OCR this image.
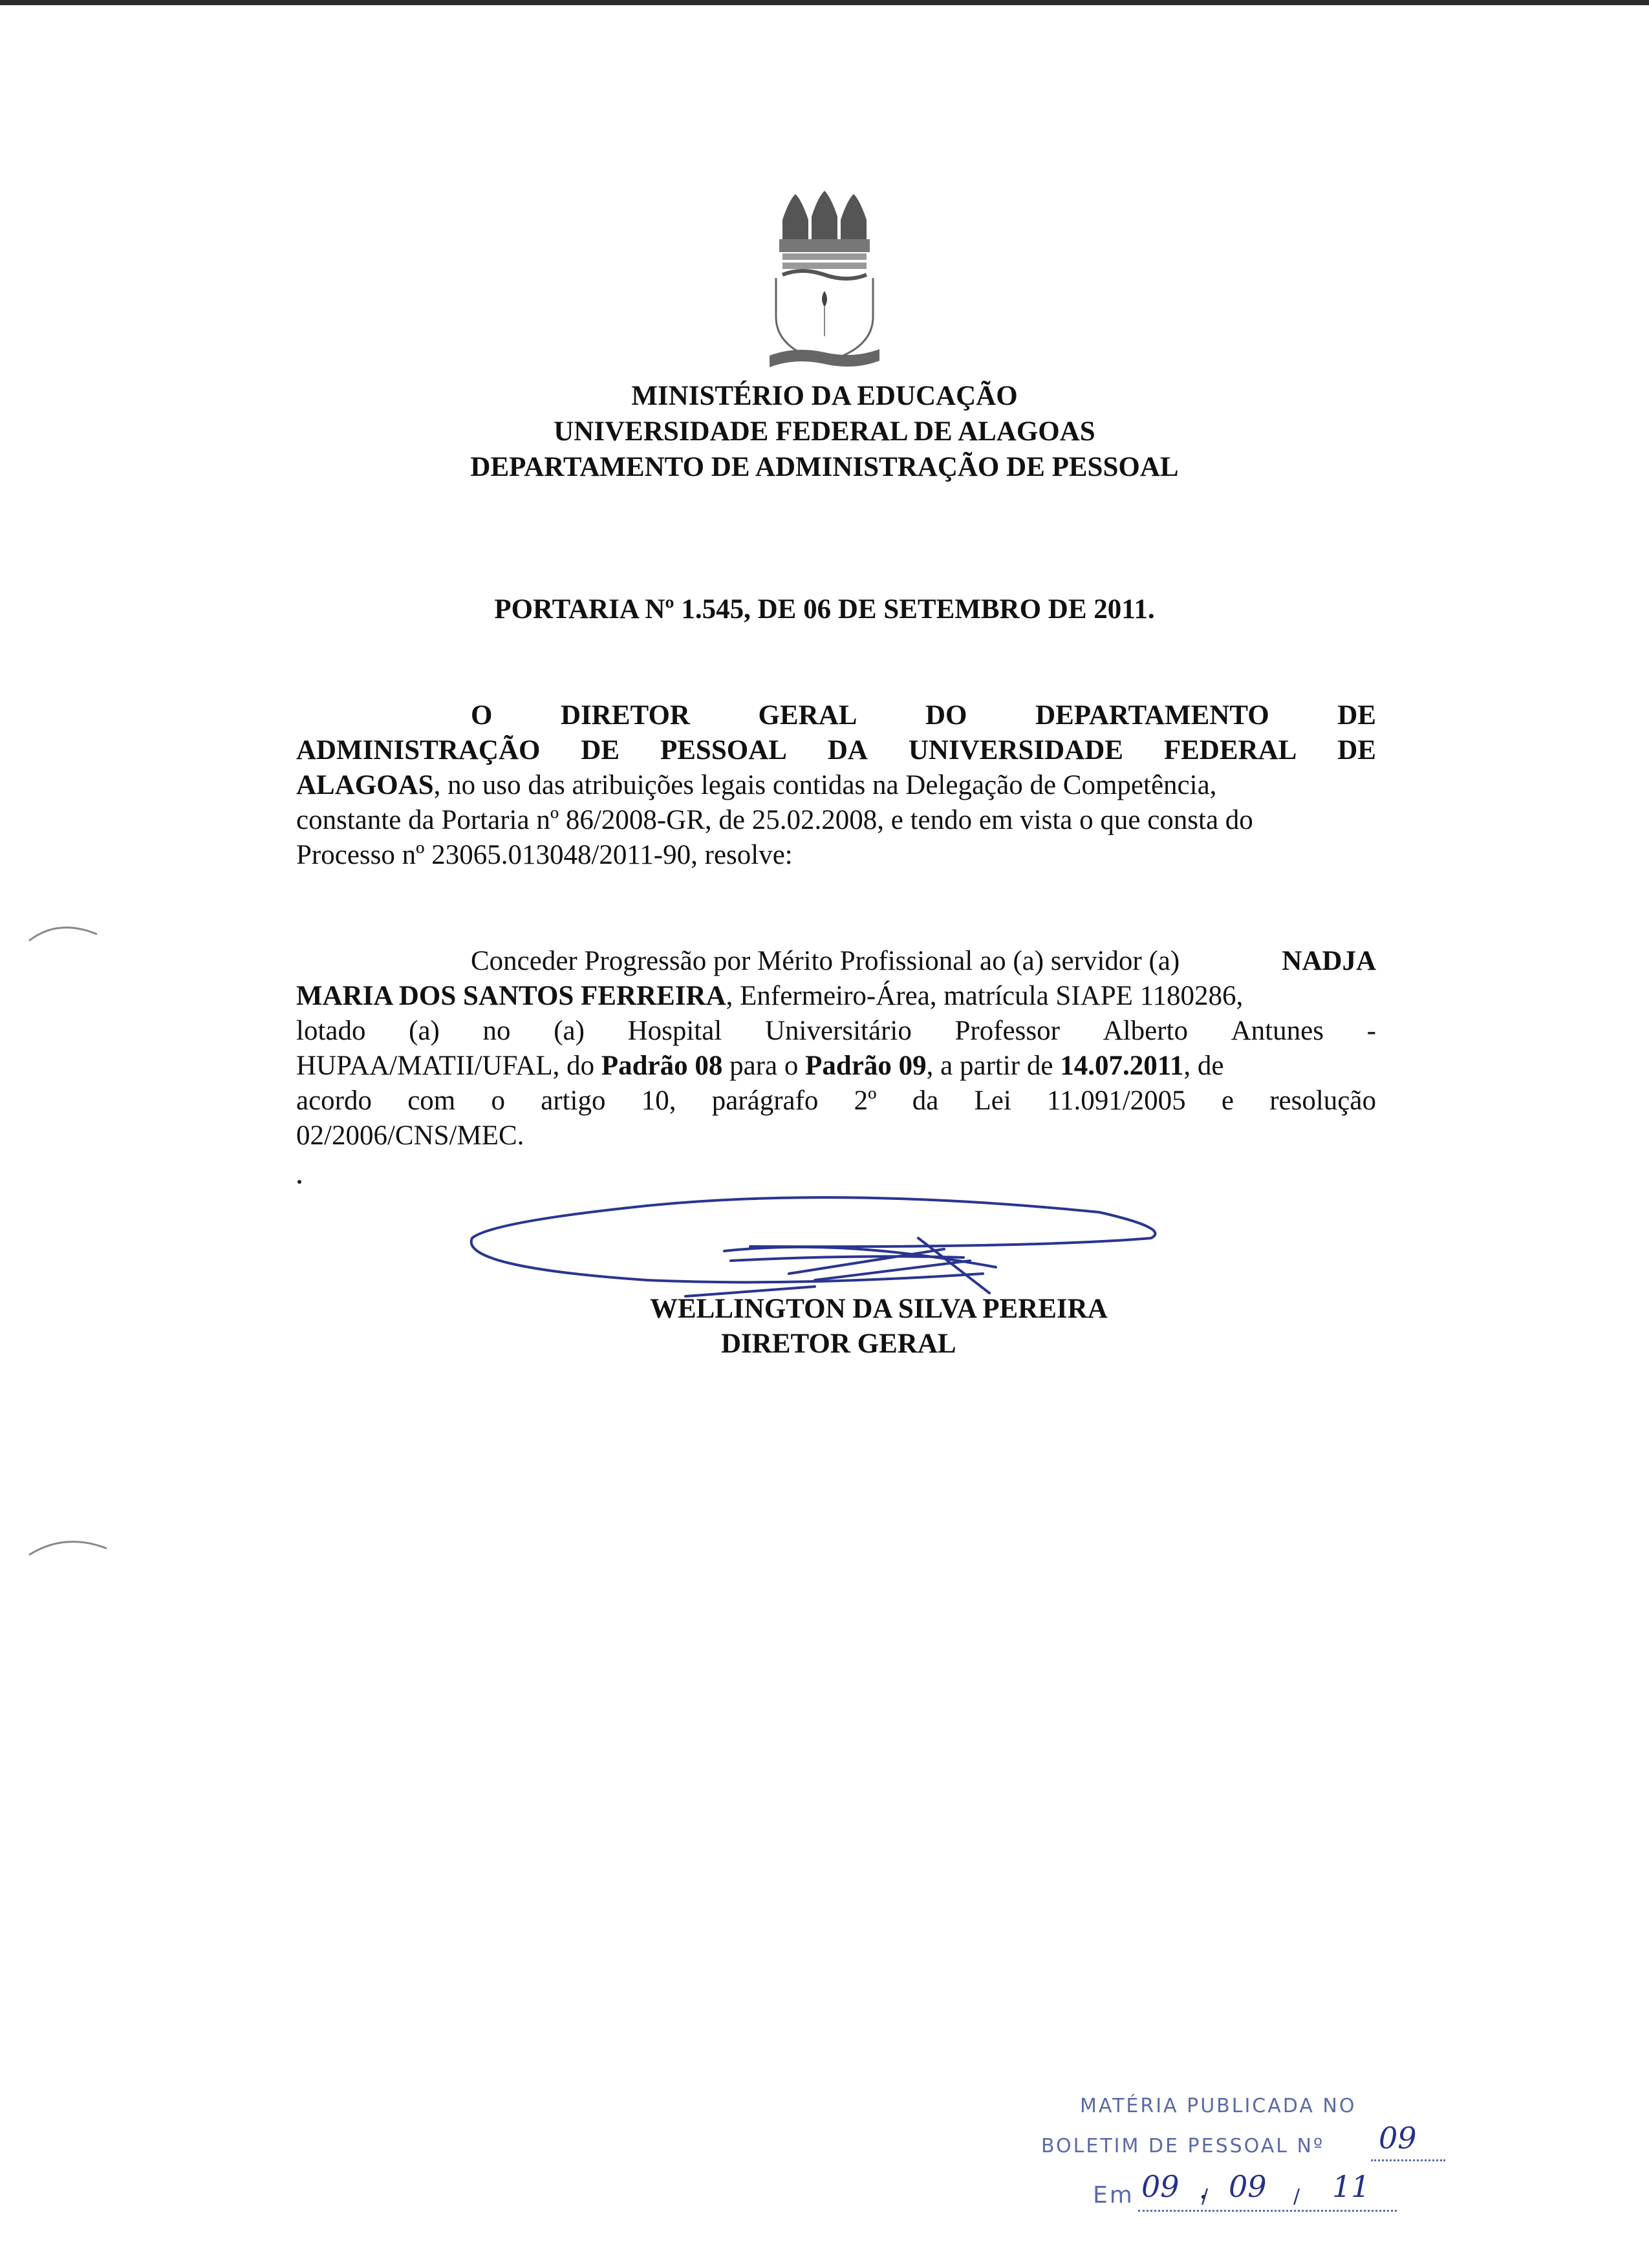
MINISTÉRIO DA EDUCAÇÃO
UNIVERSIDADE FEDERAL DE ALAGOAS
DEPARTAMENTO DE ADMINISTRAÇÃO DE PESSOAL
PORTARIA Nº 1.545, DE 06 DE SETEMBRO DE 2011.
O DIRETOR GERAL DO DEPARTAMENTO DE
ADMINISTRAÇÃO DE PESSOAL DA UNIVERSIDADE FEDERAL DE
ALAGOAS , no uso das atribuições legais contidas na Delegação de Competência,
constante da Portaria nº 86/2008-GR, de 25.02.2008, e tendo em vista o que consta do
Processo nº 23065.013048/2011-90, resolve:
Conceder Progressão por Mérito Profissional ao (a) servidor (a)	NADJA
MARIA DOS SANTOS FERREIRA , Enfermeiro-Área, matrícula SIAPE 1180286,
lotado (a) no (a) Hospital Universitário Professor Alberto Antunes -
HUPAA/MATII/UFAL, do Padrão 08 para o Padrão 09 , a partir de 14.07.2011 , de
acordo com o artigo 10, parágrafo 2º da Lei 11.091/2005 e resolução
02/2006/CNS/MEC.
WELLINGTON DA SILVA PEREIRA
DIRETOR GERAL
MATÉRIA PUBLICADA NO
BOLETIM DE PESSOAL Nº 09
Em 09 / 09 / 11
